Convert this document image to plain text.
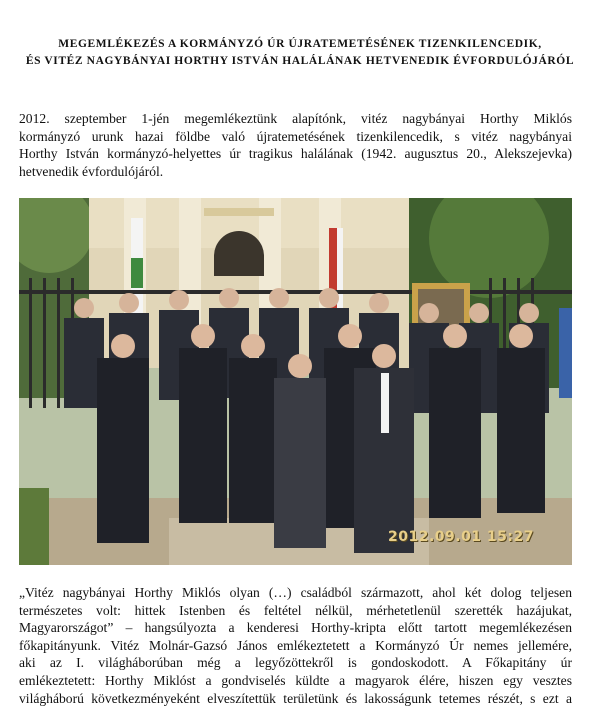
MEGEMLÉKEZÉS A KORMÁNYZÓ ÚR ÚJRATEMETÉSÉNEK TIZENKILENCEDIK,
ÉS VITÉZ NAGYBÁNYAI HORTHY ISTVÁN HALÁLÁNAK HETVENEDIK ÉVFORDULÓJÁRÓL
2012. szeptember 1-jén megemlékeztünk alapítónk, vitéz nagybányai Horthy Miklós
kormányzó urunk hazai földbe való újratemetésének tizenkilencedik, s vitéz nagybányai
Horthy István kormányzó-helyettes úr tragikus halálának (1942. augusztus 20., Alekszejevka)
hetvenedik évfordulójáról.
2012.09.01 15:27
„Vitéz nagybányai Horthy Miklós olyan (…) családból származott, ahol két dolog teljesen
természetes volt: hittek Istenben és feltétel nélkül, mérhetetlenül szerették hazájukat,
Magyarországot” – hangsúlyozta a kenderesi Horthy-kripta előtt tartott megemlékezésen
főkapitányunk. Vitéz Molnár-Gazsó János emlékeztetett a Kormányzó Úr nemes jellemére,
aki az I. világháborúban még a legyőzöttekről is gondoskodott. A Főkapitány úr
emlékeztetett: Horthy Miklóst a gondviselés küldte a magyarok élére, hiszen egy vesztes
világháború következményeként elveszítettük területünk és lakosságunk tetemes részét, s ezt a
